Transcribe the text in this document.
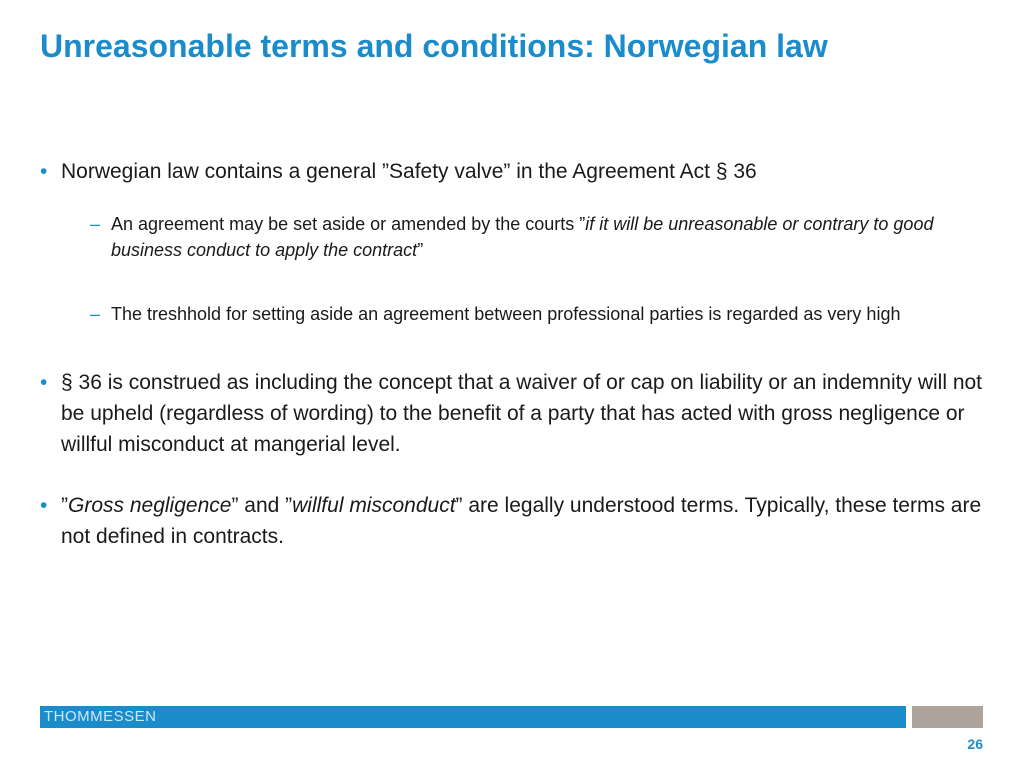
Unreasonable terms and conditions: Norwegian law
• Norwegian law contains a general ”Safety valve” in the Agreement Act § 36
– An agreement may be set aside or amended by the courts ”if it will be unreasonable or contrary to good business conduct to apply the contract”
– The treshhold for setting aside an agreement between professional parties is regarded as very high
• § 36 is construed as including the concept that a waiver of or cap on liability or an indemnity will not be upheld (regardless of wording) to the benefit of a party that has acted with gross negligence or willful misconduct at mangerial level.
• ”Gross negligence” and ”willful misconduct” are legally understood terms. Typically, these terms are not defined in contracts.
THOMMESSEN
26
